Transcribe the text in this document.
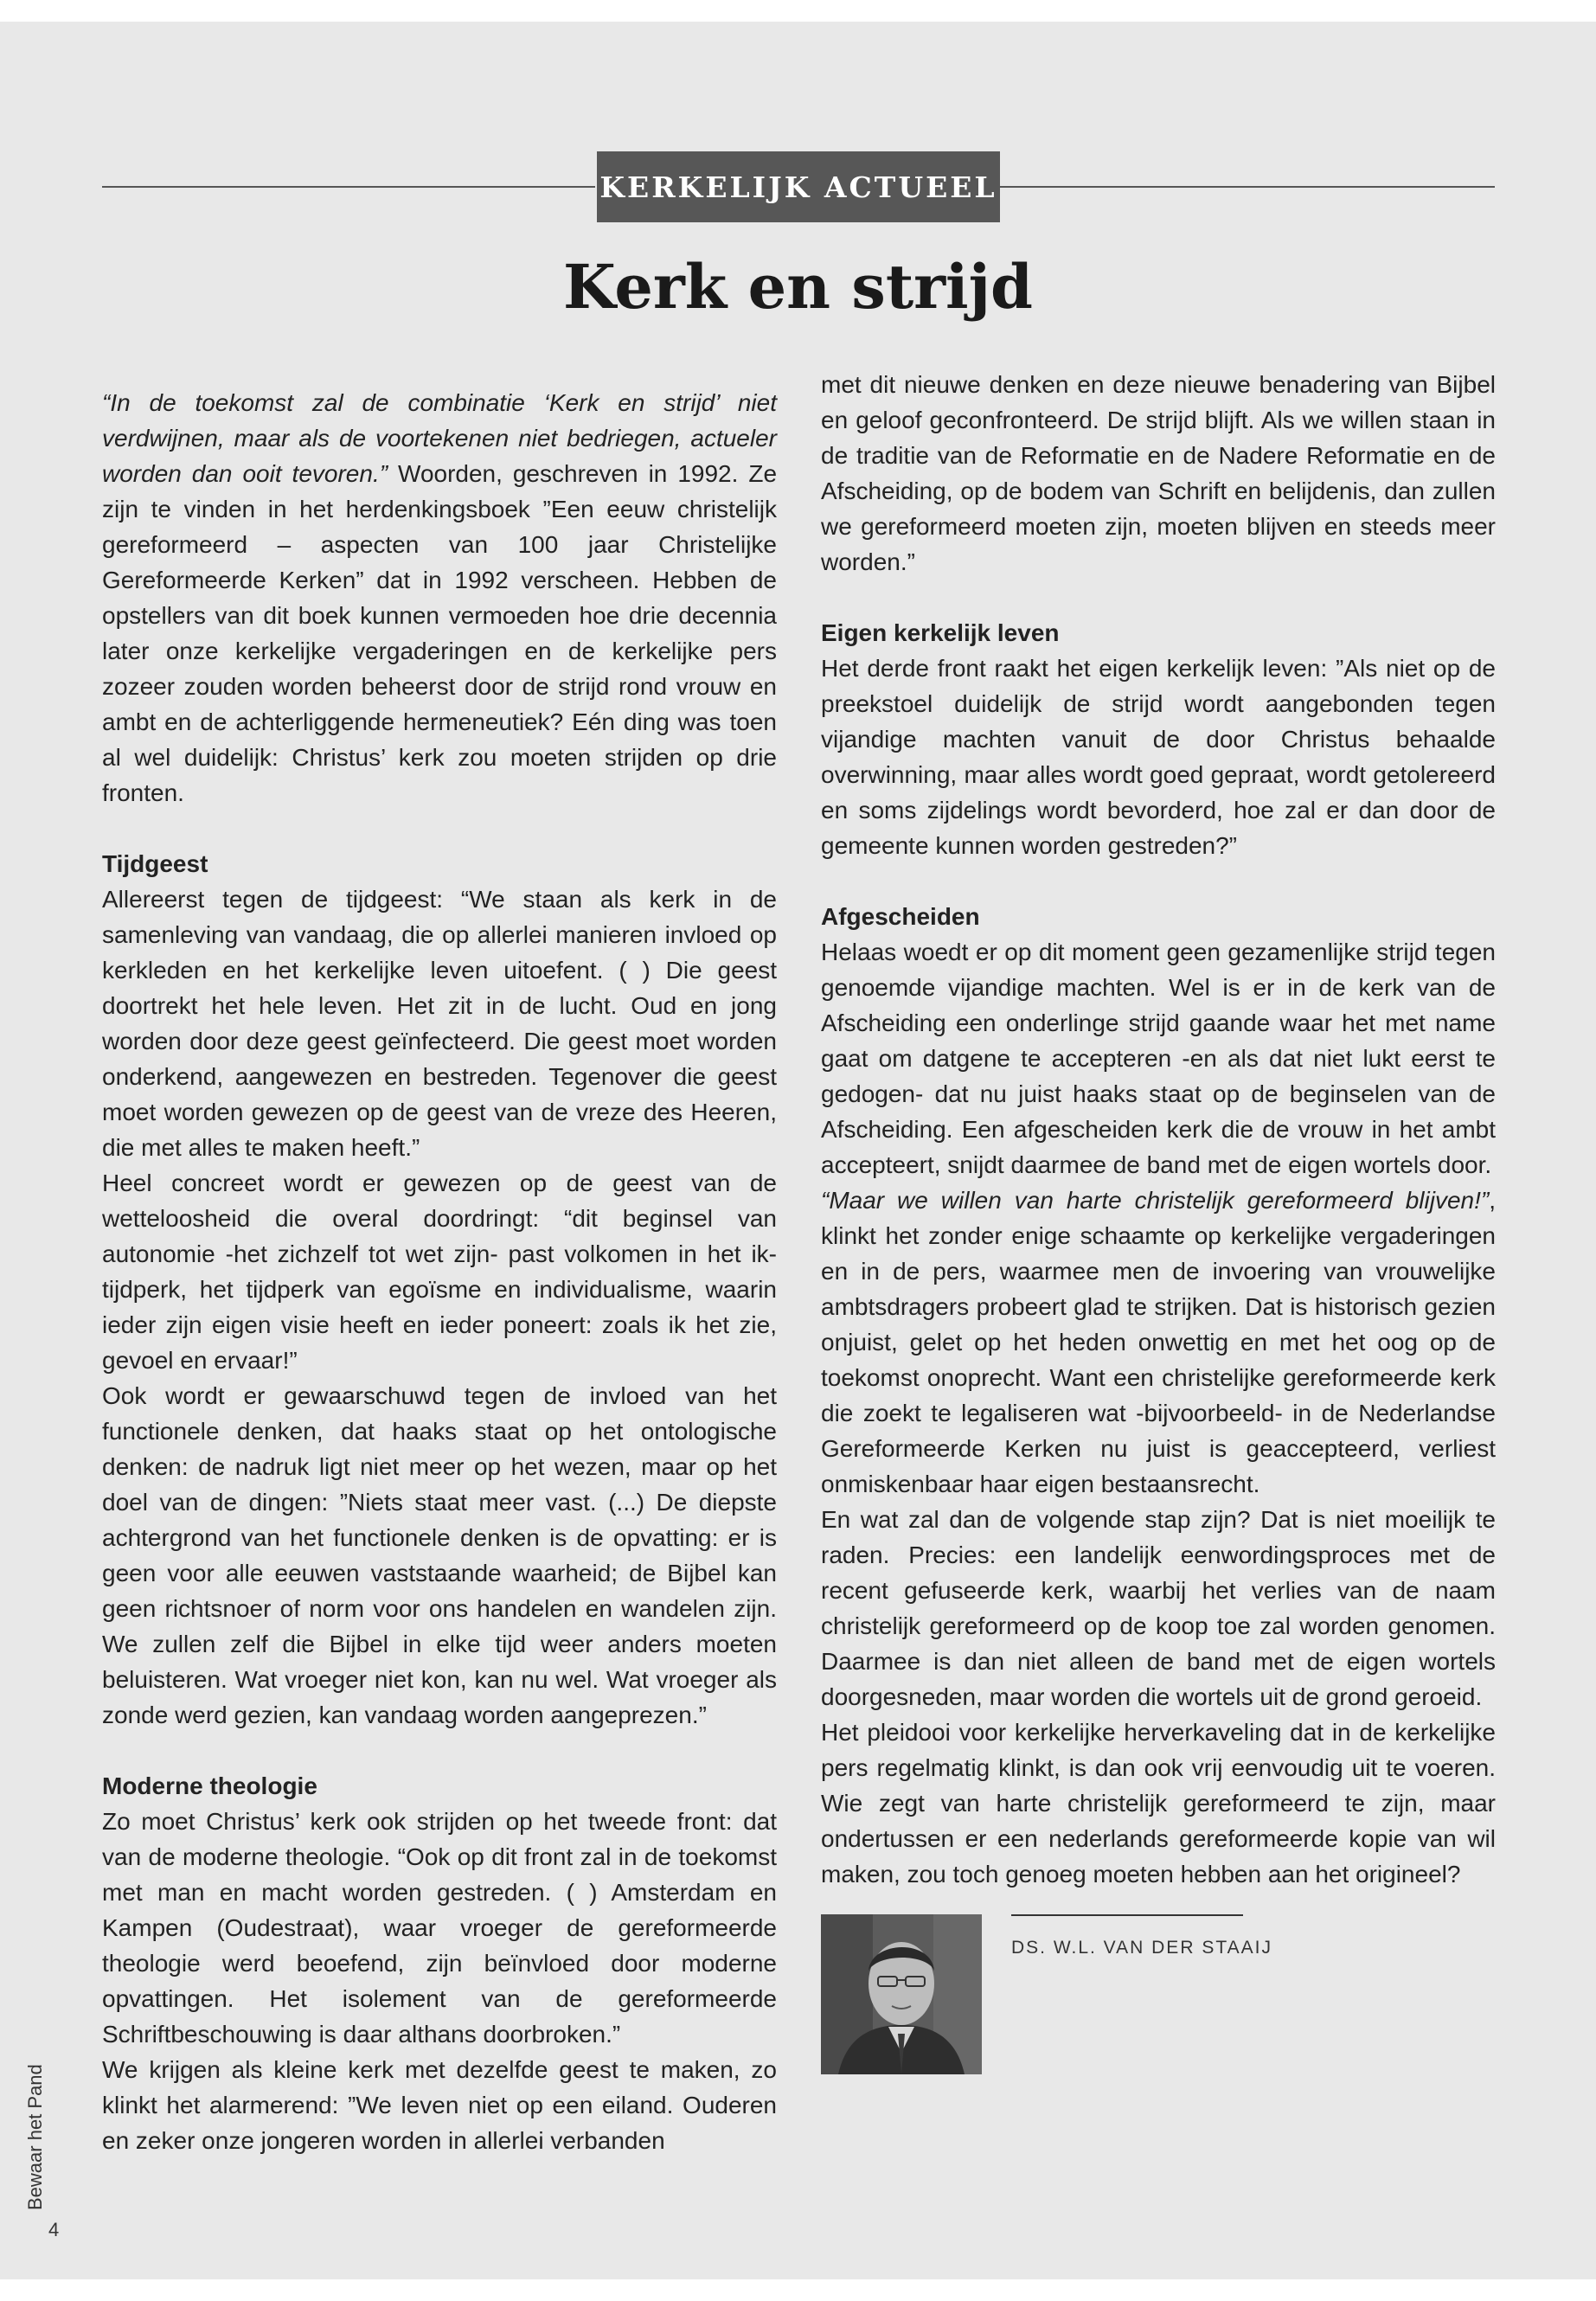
KERKELIJK ACTUEEL
Kerk en strijd

“In de toekomst zal de combinatie ‘Kerk en strijd’ niet verdwijnen, maar als de voortekenen niet bedriegen, actueler worden dan ooit tevoren.” Woorden, geschreven in 1992. Ze zijn te vinden in het herdenkingsboek ”Een eeuw christelijk gereformeerd – aspecten van 100 jaar Christelijke Gereformeerde Kerken” dat in 1992 verscheen. Hebben de opstellers van dit boek kunnen vermoeden hoe drie decennia later onze kerkelijke vergaderingen en de kerkelijke pers zozeer zouden worden beheerst door de strijd rond vrouw en ambt en de achterliggende hermeneutiek? Eén ding was toen al wel duidelijk: Christus’ kerk zou moeten strijden op drie fronten.

Tijdgeest

Allereerst tegen de tijdgeest: “We staan als kerk in de samenleving van vandaag, die op allerlei manieren invloed op kerkleden en het kerkelijke leven uitoefent. ( ) Die geest doortrekt het hele leven. Het zit in de lucht. Oud en jong worden door deze geest geïnfecteerd. Die geest moet worden onderkend, aangewezen en bestreden. Tegenover die geest moet worden gewezen op de geest van de vreze des Heeren, die met alles te maken heeft.”

Heel concreet wordt er gewezen op de geest van de wetteloosheid die overal doordringt: “dit beginsel van autonomie -het zichzelf tot wet zijn- past volkomen in het ik-tijdperk, het tijdperk van egoïsme en individualisme, waarin ieder zijn eigen visie heeft en ieder poneert: zoals ik het zie, gevoel en ervaar!”

Ook wordt er gewaarschuwd tegen de invloed van het functionele denken, dat haaks staat op het ontologische denken: de nadruk ligt niet meer op het wezen, maar op het doel van de dingen: ”Niets staat meer vast. (...) De diepste achtergrond van het functionele denken is de opvatting: er is geen voor alle eeuwen vaststaande waarheid; de Bijbel kan geen richtsnoer of norm voor ons handelen en wandelen zijn. We zullen zelf die Bijbel in elke tijd weer anders moeten beluisteren. Wat vroeger niet kon, kan nu wel. Wat vroeger als zonde werd gezien, kan vandaag worden aangeprezen.”

Moderne theologie

Zo moet Christus’ kerk ook strijden op het tweede front: dat van de moderne theologie. “Ook op dit front zal in de toekomst met man en macht worden gestreden. ( ) Amsterdam en Kampen (Oudestraat), waar vroeger de gereformeerde theologie werd beoefend, zijn beïnvloed door moderne opvattingen. Het isolement van de gereformeerde Schriftbeschouwing is daar althans doorbroken.”

We krijgen als kleine kerk met dezelfde geest te maken, zo klinkt het alarmerend: ”We leven niet op een eiland. Ouderen en zeker onze jongeren worden in allerlei verbanden

met dit nieuwe denken en deze nieuwe benadering van Bijbel en geloof geconfronteerd. De strijd blijft. Als we willen staan in de traditie van de Reformatie en de Nadere Reformatie en de Afscheiding, op de bodem van Schrift en belijdenis, dan zullen we gereformeerd moeten zijn, moeten blijven en steeds meer worden.”

Eigen kerkelijk leven

Het derde front raakt het eigen kerkelijk leven: ”Als niet op de preekstoel duidelijk de strijd wordt aangebonden tegen vijandige machten vanuit de door Christus behaalde overwinning, maar alles wordt goed gepraat, wordt getolereerd en soms zijdelings wordt bevorderd, hoe zal er dan door de gemeente kunnen worden gestreden?”

Afgescheiden

Helaas woedt er op dit moment geen gezamenlijke strijd tegen genoemde vijandige machten. Wel is er in de kerk van de Afscheiding een onderlinge strijd gaande waar het met name gaat om datgene te accepteren -en als dat niet lukt eerst te gedogen- dat nu juist haaks staat op de beginselen van de Afscheiding. Een afgescheiden kerk die de vrouw in het ambt accepteert, snijdt daarmee de band met de eigen wortels door.

“Maar we willen van harte christelijk gereformeerd blijven!”, klinkt het zonder enige schaamte op kerkelijke vergaderingen en in de pers, waarmee men de invoering van vrouwelijke ambtsdragers probeert glad te strijken. Dat is historisch gezien onjuist, gelet op het heden onwettig en met het oog op de toekomst onoprecht. Want een christelijke gereformeerde kerk die zoekt te legaliseren wat -bijvoorbeeld- in de Nederlandse Gereformeerde Kerken nu juist is geaccepteerd, verliest onmiskenbaar haar eigen bestaansrecht.

En wat zal dan de volgende stap zijn? Dat is niet moeilijk te raden. Precies: een landelijk eenwordingsproces met de recent gefuseerde kerk, waarbij het verlies van de naam christelijk gereformeerd op de koop toe zal worden genomen. Daarmee is dan niet alleen de band met de eigen wortels doorgesneden, maar worden die wortels uit de grond geroeid.

Het pleidooi voor kerkelijke herverkaveling dat in de kerkelijke pers regelmatig klinkt, is dan ook vrij eenvoudig uit te voeren. Wie zegt van harte christelijk gereformeerd te zijn, maar ondertussen er een nederlands gereformeerde kopie van wil maken, zou toch genoeg moeten hebben aan het origineel?

DS. W.L. VAN DER STAAIJ
Bewaar het Pand
4
